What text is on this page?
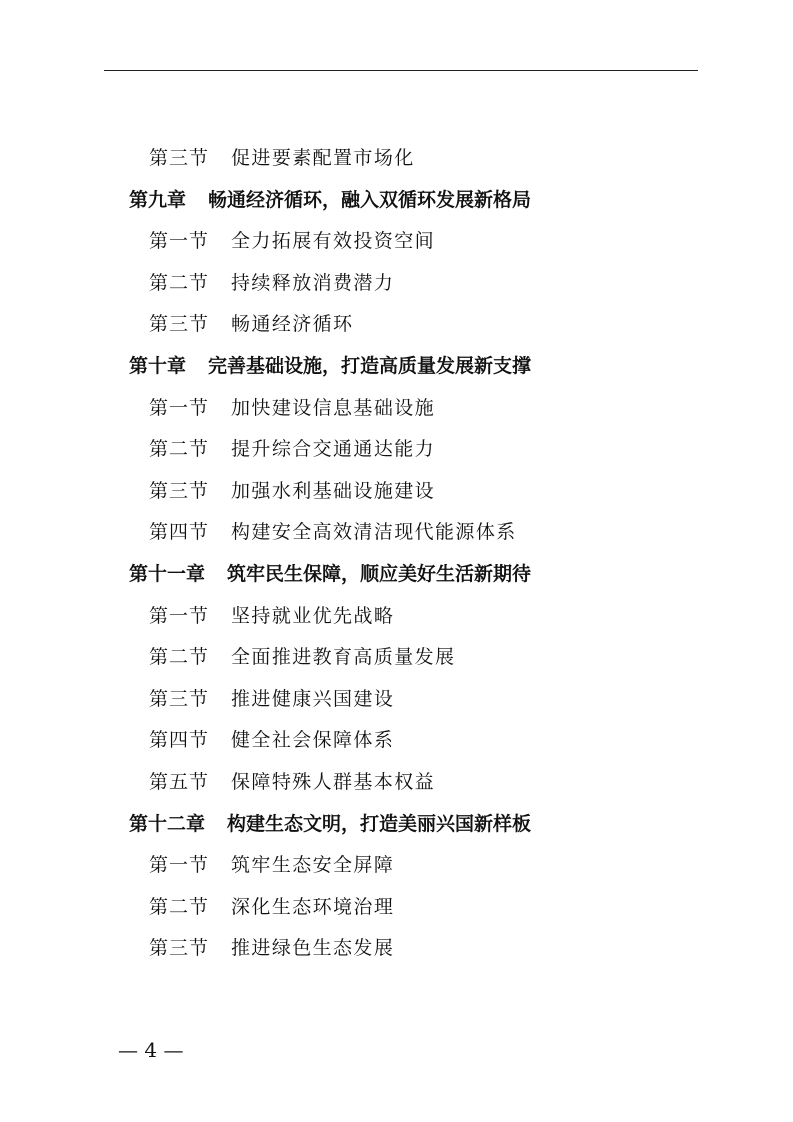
第三节 促进要素配置市场化
第九章 畅通经济循环，融入双循环发展新格局
第一节 全力拓展有效投资空间
第二节 持续释放消费潜力
第三节 畅通经济循环
第十章 完善基础设施，打造高质量发展新支撑
第一节 加快建设信息基础设施
第二节 提升综合交通通达能力
第三节 加强水利基础设施建设
第四节 构建安全高效清洁现代能源体系
第十一章 筑牢民生保障，顺应美好生活新期待
第一节 坚持就业优先战略
第二节 全面推进教育高质量发展
第三节 推进健康兴国建设
第四节 健全社会保障体系
第五节 保障特殊人群基本权益
第十二章 构建生态文明，打造美丽兴国新样板
第一节 筑牢生态安全屏障
第二节 深化生态环境治理
第三节 推进绿色生态发展
— 4 —
